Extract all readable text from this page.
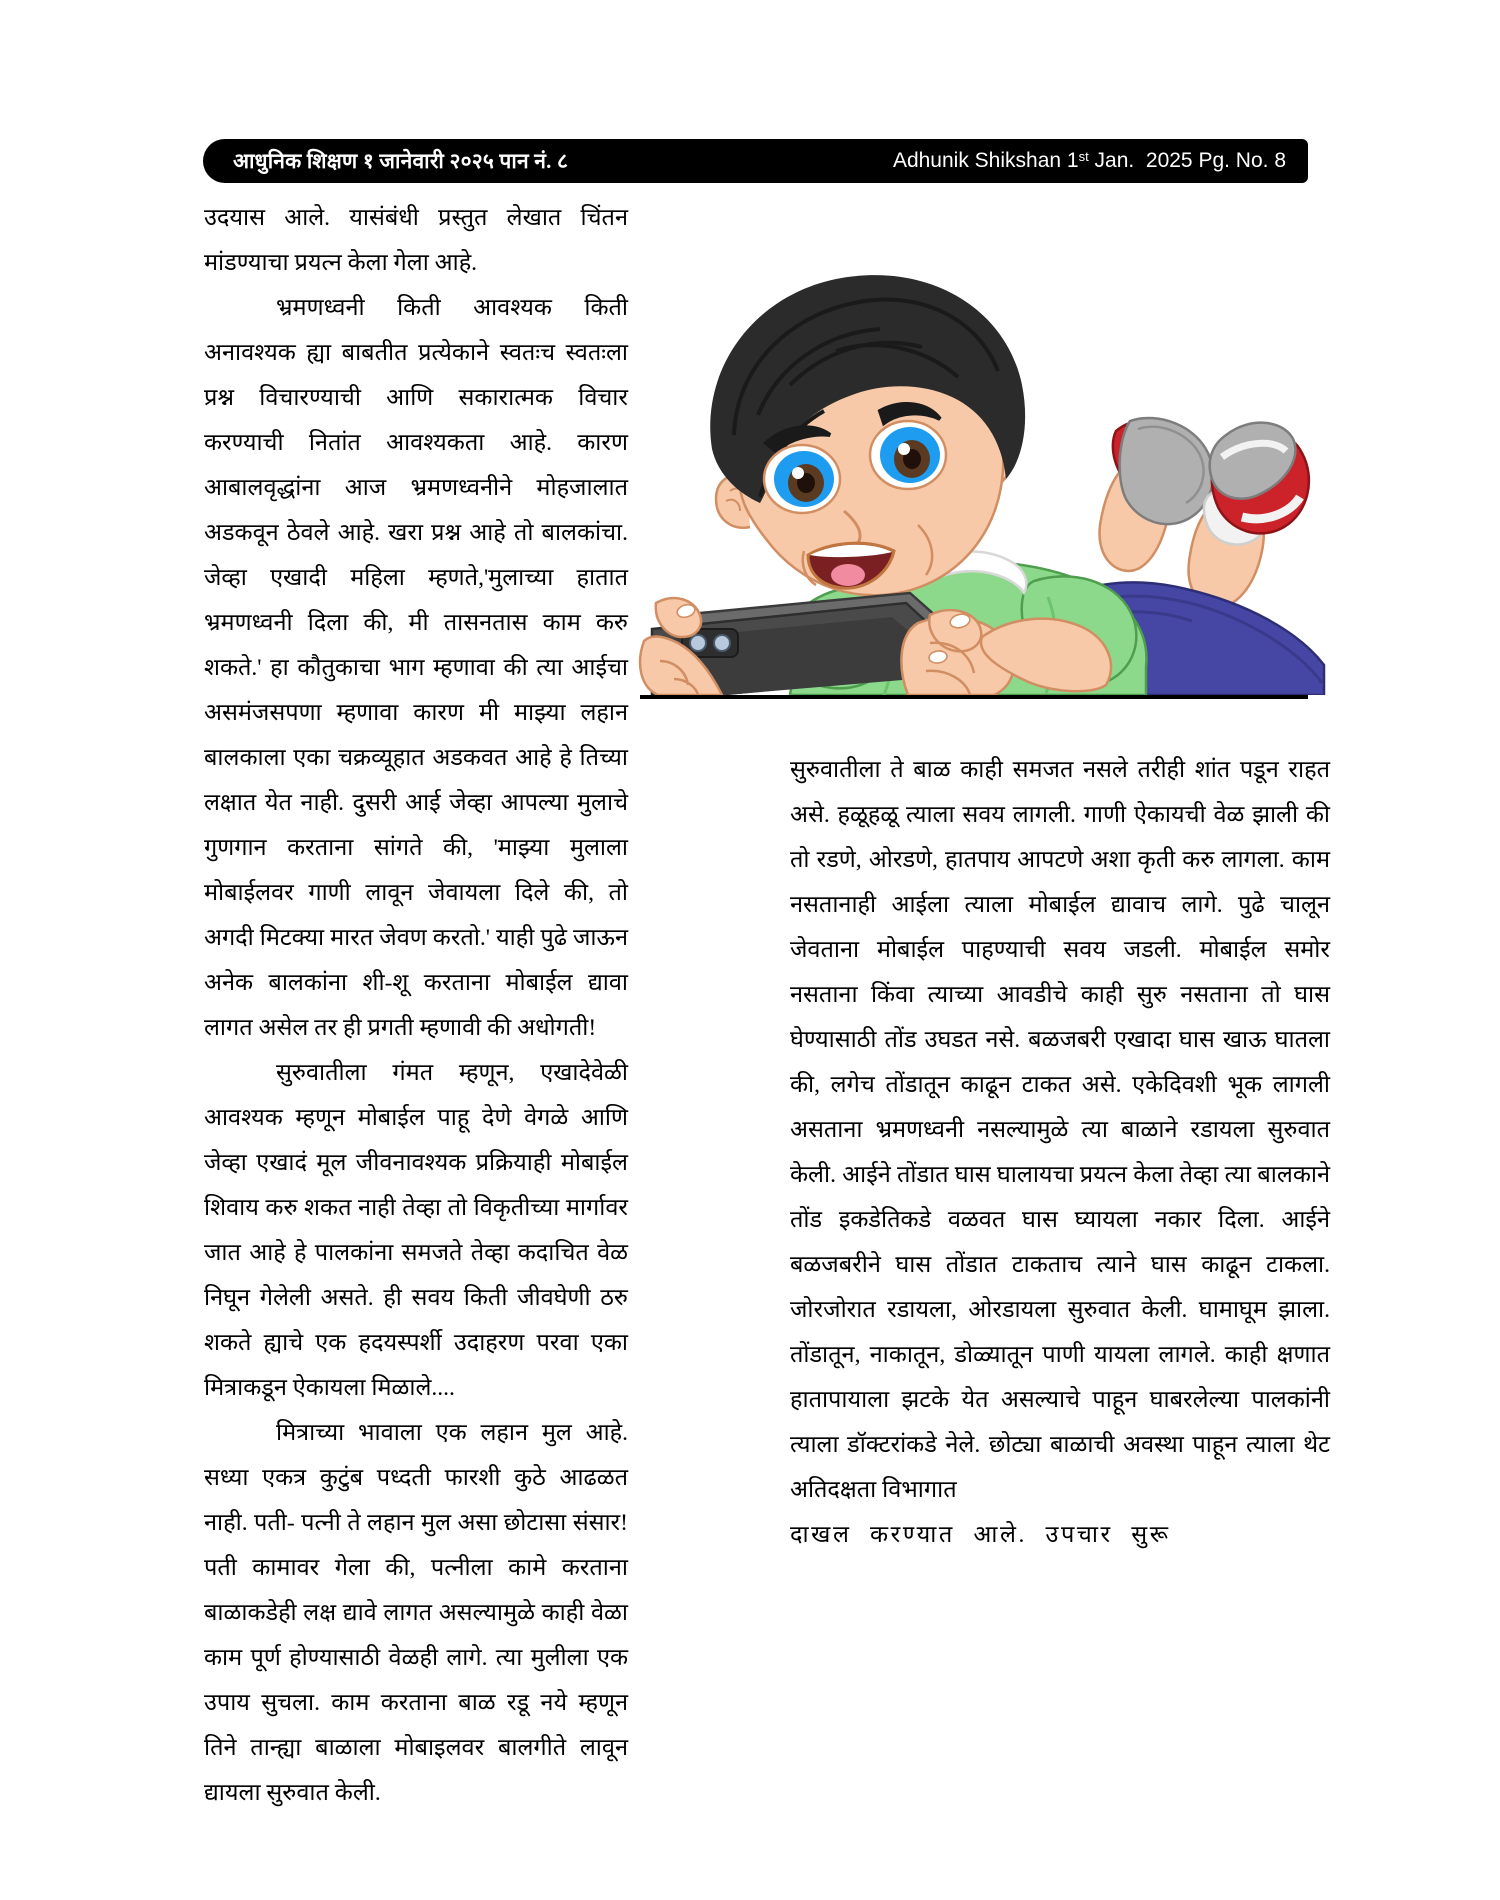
आधुनिक शिक्षण १ जानेवारी २०२५ पान नं. ८	Adhunik Shikshan 1 st Jan.  2025 Pg. No. 8

उदयास आले. यासंबंधी प्रस्तुत लेखात चिंतन मांडण्याचा प्रयत्न केला गेला आहे.

भ्रमणध्वनी किती आवश्यक किती अनावश्यक ह्या बाबतीत प्रत्येकाने स्वतःच स्वतःला प्रश्न विचारण्याची आणि सकारात्मक विचार करण्याची नितांत आवश्यकता आहे. कारण आबालवृद्धांना आज भ्रमणध्वनीने मोहजालात अडकवून ठेवले आहे. खरा प्रश्न आहे तो बालकांचा. जेव्हा एखादी महिला म्हणते,'मुलाच्या हातात भ्रमणध्वनी दिला की, मी तासनतास काम करु शकते.' हा कौतुकाचा भाग म्हणावा की त्या आईचा असमंजसपणा म्हणावा कारण मी माझ्या लहान बालकाला एका चक्रव्यूहात अडकवत आहे हे तिच्या लक्षात येत नाही. दुसरी आई जेव्हा आपल्या मुलाचे गुणगान करताना सांगते की, 'माझ्या मुलाला मोबाईलवर गाणी लावून जेवायला दिले की, तो अगदी मिटक्या मारत जेवण करतो.' याही पुढे जाऊन अनेक बालकांना शी-शू करताना मोबाईल द्यावा लागत असेल तर ही प्रगती म्हणावी की अधोगती!

सुरुवातीला गंमत म्हणून, एखादेवेळी आवश्यक म्हणून मोबाईल पाहू देणे वेगळे आणि जेव्हा एखादं मूल जीवनावश्यक प्रक्रियाही मोबाईल शिवाय करु शकत नाही तेव्हा तो विकृतीच्या मार्गावर जात आहे हे पालकांना समजते तेव्हा कदाचित वेळ निघून गेलेली असते. ही सवय किती जीवघेणी ठरु शकते ह्याचे एक हदयस्पर्शी उदाहरण परवा एका मित्राकडून ऐकायला मिळाले....

मित्राच्या भावाला एक लहान मुल आहे. सध्या एकत्र कुटुंब पध्दती फारशी कुठे आढळत नाही. पती- पत्नी ते लहान मुल असा छोटासा संसार! पती कामावर गेला की, पत्नीला कामे करताना बाळाकडेही लक्ष द्यावे लागत असल्यामुळे काही वेळा काम पूर्ण होण्यासाठी वेळही लागे. त्या मुलीला एक उपाय सुचला. काम करताना बाळ रडू नये म्हणून तिने तान्ह्या बाळाला मोबाइलवर बालगीते लावून द्यायला सुरुवात केली.

सुरुवातीला ते बाळ काही समजत नसले तरीही शांत पडून राहत असे. हळूहळू त्याला सवय लागली. गाणी ऐकायची वेळ झाली की तो रडणे, ओरडणे, हातपाय आपटणे अशा कृती करु लागला. काम नसतानाही आईला त्याला मोबाईल द्यावाच लागे. पुढे चालून जेवताना मोबाईल पाहण्याची सवय जडली. मोबाईल समोर नसताना किंवा त्याच्या आवडीचे काही सुरु नसताना तो घास घेण्यासाठी तोंड उघडत नसे. बळजबरी एखादा घास खाऊ घातला की, लगेच तोंडातून काढून टाकत असे. एकेदिवशी भूक लागली असताना भ्रमणध्वनी नसल्यामुळे त्या बाळाने रडायला सुरुवात केली. आईने तोंडात घास घालायचा प्रयत्न केला तेव्हा त्या बालकाने तोंड इकडेतिकडे वळवत घास घ्यायला नकार दिला. आईने बळजबरीने घास तोंडात टाकताच त्याने घास काढून टाकला. जोरजोरात रडायला, ओरडायला सुरुवात केली. घामाघूम झाला. तोंडातून, नाकातून, डोळ्यातून पाणी यायला लागले. काही क्षणात हातापायाला झटके येत असल्याचे पाहून घाबरलेल्या पालकांनी त्याला डॉक्टरांकडे नेले. छोट्या बाळाची अवस्था पाहून त्याला थेट अतिदक्षता विभागात

दाखल करण्यात आले. उपचार सुरू
